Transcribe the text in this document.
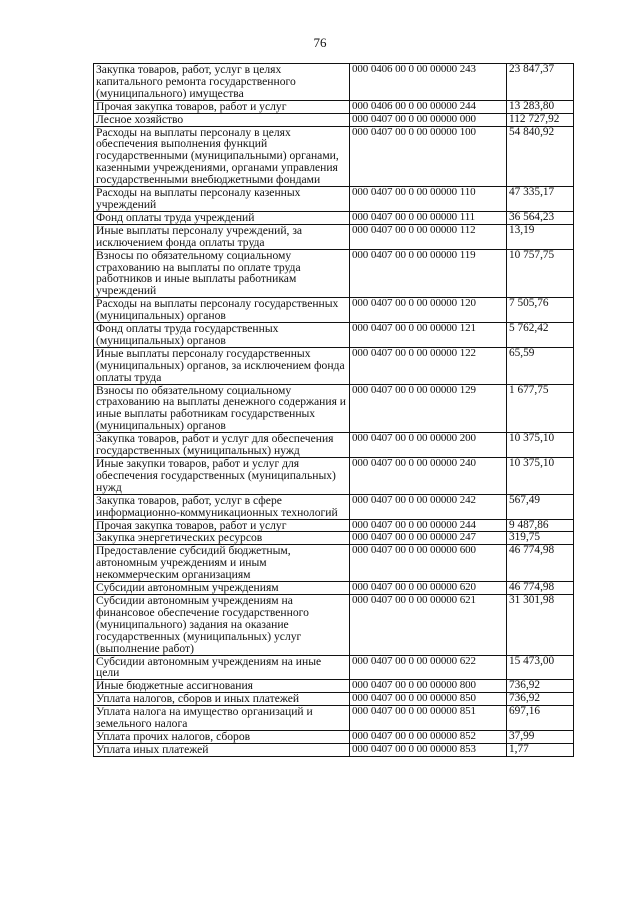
76
Закупка товаров, работ, услуг в целях капитального ремонта государственного (муниципального) имущества	000 0406 00 0 00 00000 243	23 847,37
Прочая закупка товаров, работ и услуг	000 0406 00 0 00 00000 244	13 283,80
Лесное хозяйство	000 0407 00 0 00 00000 000	112 727,92
Расходы на выплаты персоналу в целях обеспечения выполнения функций государственными (муниципальными) органами, казенными учреждениями, органами управления государственными внебюджетными фондами	000 0407 00 0 00 00000 100	54 840,92
Расходы на выплаты персоналу казенных учреждений	000 0407 00 0 00 00000 110	47 335,17
Фонд оплаты труда учреждений	000 0407 00 0 00 00000 111	36 564,23
Иные выплаты персоналу учреждений, за исключением фонда оплаты труда	000 0407 00 0 00 00000 112	13,19
Взносы по обязательному социальному страхованию на выплаты по оплате труда работников и иные выплаты работникам учреждений	000 0407 00 0 00 00000 119	10 757,75
Расходы на выплаты персоналу государственных (муниципальных) органов	000 0407 00 0 00 00000 120	7 505,76
Фонд оплаты труда государственных (муниципальных) органов	000 0407 00 0 00 00000 121	5 762,42
Иные выплаты персоналу государственных (муниципальных) органов, за исключением фонда оплаты труда	000 0407 00 0 00 00000 122	65,59
Взносы по обязательному социальному страхованию на выплаты денежного содержания и иные выплаты работникам государственных (муниципальных) органов	000 0407 00 0 00 00000 129	1 677,75
Закупка товаров, работ и услуг для обеспечения государственных (муниципальных) нужд	000 0407 00 0 00 00000 200	10 375,10
Иные закупки товаров, работ и услуг для обеспечения государственных (муниципальных) нужд	000 0407 00 0 00 00000 240	10 375,10
Закупка товаров, работ, услуг в сфере информационно-коммуникационных технологий	000 0407 00 0 00 00000 242	567,49
Прочая закупка товаров, работ и услуг	000 0407 00 0 00 00000 244	9 487,86
Закупка энергетических ресурсов	000 0407 00 0 00 00000 247	319,75
Предоставление субсидий бюджетным, автономным учреждениям и иным некоммерческим организациям	000 0407 00 0 00 00000 600	46 774,98
Субсидии автономным учреждениям	000 0407 00 0 00 00000 620	46 774,98
Субсидии автономным учреждениям на финансовое обеспечение государственного (муниципального) задания на оказание государственных (муниципальных) услуг (выполнение работ)	000 0407 00 0 00 00000 621	31 301,98
Субсидии автономным учреждениям на иные цели	000 0407 00 0 00 00000 622	15 473,00
Иные бюджетные ассигнования	000 0407 00 0 00 00000 800	736,92
Уплата налогов, сборов и иных платежей	000 0407 00 0 00 00000 850	736,92
Уплата налога на имущество организаций и земельного налога	000 0407 00 0 00 00000 851	697,16
Уплата прочих налогов, сборов	000 0407 00 0 00 00000 852	37,99
Уплата иных платежей	000 0407 00 0 00 00000 853	1,77
